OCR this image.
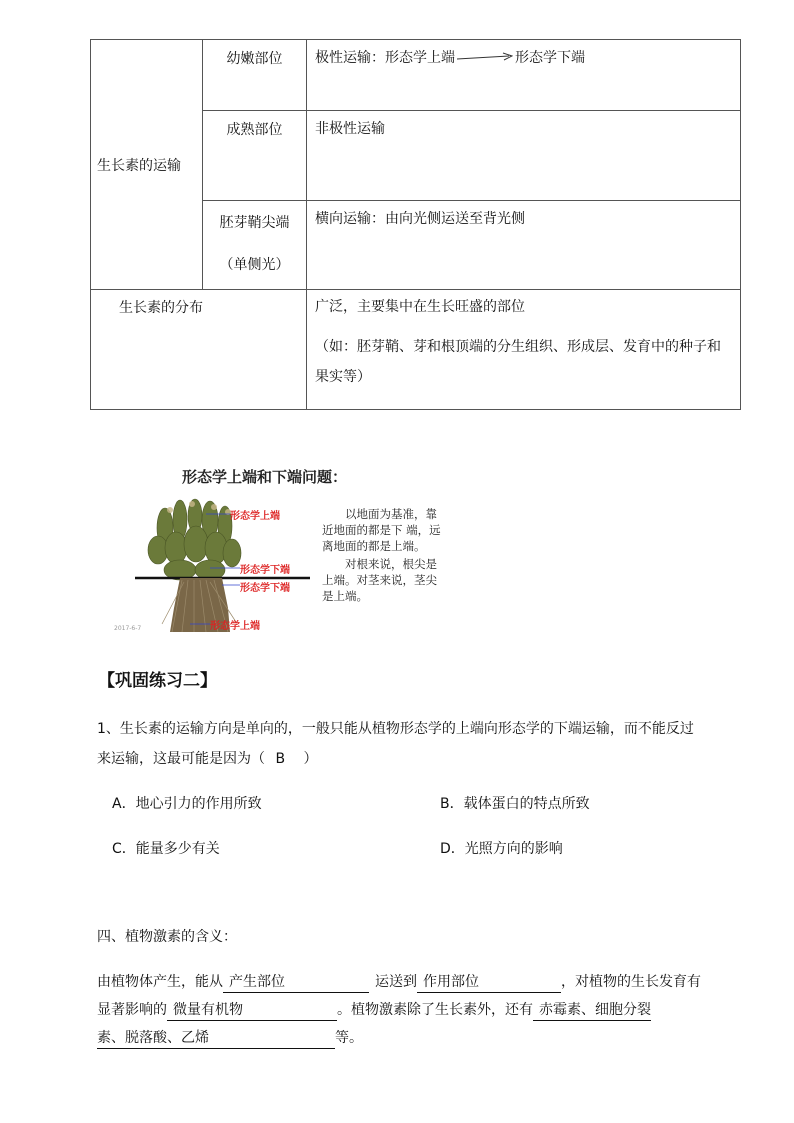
生长素的运输	幼嫩部位	极性运输：形态学上端 形态学下端

	成熟部位	非极性运输

	胚芽鞘尖端
（单侧光）	横向运输：由向光侧运送至背光侧
生长素的分布		广泛，主要集中在生长旺盛的部位
（如：胚芽鞘、芽和根顶端的分生组织、形成层、发育中的种子和果实等）
形态学上端和下端问题：
形态学上端
形态学下端
形态学下端
形态学上端
以地面为基准，靠近地面的都是下 端，远离地面的都是上端。
对根来说，根尖是上端。对茎来说，茎尖是上端。
2017-6-7
【巩固练习二】
1、生长素的运输方向是单向的，一般只能从植物形态学的上端向形态学的下端运输，而不能反过来运输，这最可能是因为（ B ）
A．地心引力的作用所致	B．载体蛋白的特点所致
C．能量多少有关	D．光照方向的影响
四、植物激素的含义：
由植物体产生，能从 产生部位	运送到 作用部位	，对植物的生长发育有显著影响的 微量有机物	。植物激素除了生长素外，还有 赤霉素、细胞分裂素、脱落酸、乙烯	等。
